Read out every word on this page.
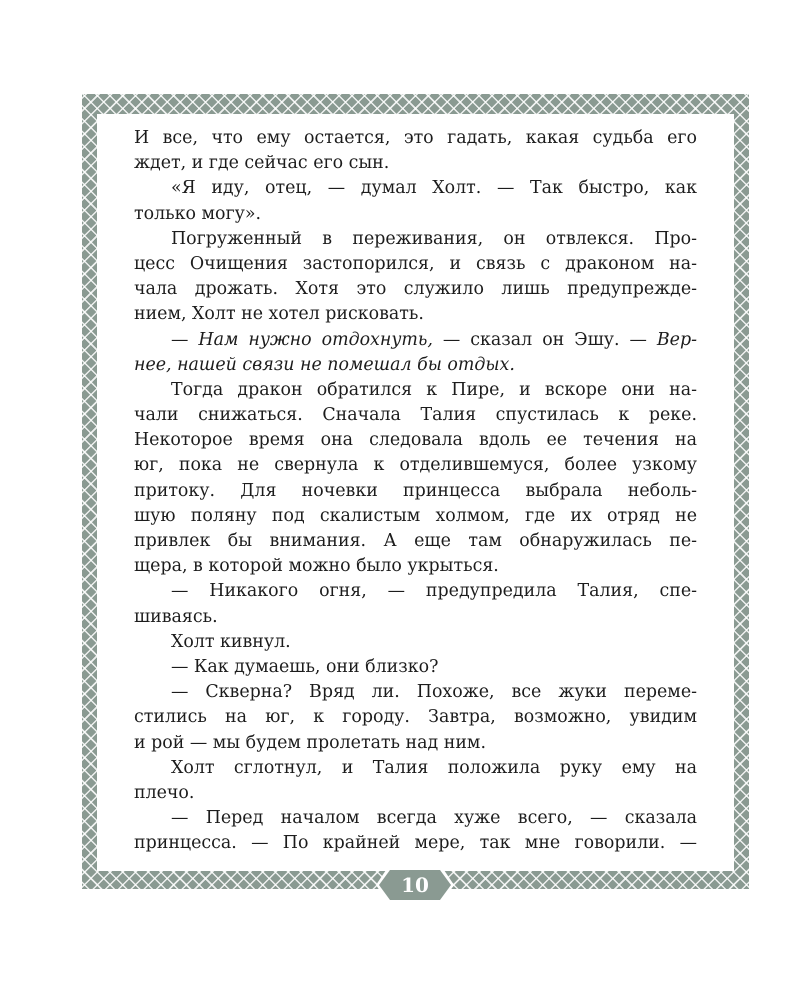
И все, что ему остается, это гадать, какая судьба его
ждет, и где сейчас его сын.
«Я иду, отец, — думал Холт. — Так быстро, как
только могу».
Погруженный в переживания, он отвлекся. Про-
цесс Очищения застопорился, и связь с драконом на-
чала дрожать. Хотя это служило лишь предупрежде-
нием, Холт не хотел рисковать.
— Нам нужно отдохнуть, — сказал он Эшу. — Вер-
нее, нашей связи не помешал бы отдых.
Тогда дракон обратился к Пире, и вскоре они на-
чали снижаться. Сначала Талия спустилась к реке.
Некоторое время она следовала вдоль ее течения на
юг, пока не свернула к отделившемуся, более узкому
притоку. Для ночевки принцесса выбрала неболь-
шую поляну под скалистым холмом, где их отряд не
привлек бы внимания. А еще там обнаружилась пе-
щера, в которой можно было укрыться.
— Никакого огня, — предупредила Талия, спе-
шиваясь.
Холт кивнул.
— Как думаешь, они близко?
— Скверна? Вряд ли. Похоже, все жуки переме-
стились на юг, к городу. Завтра, возможно, увидим
и рой — мы будем пролетать над ним.
Холт сглотнул, и Талия положила руку ему на
плечо.
— Перед началом всегда хуже всего, — сказала
принцесса. — По крайней мере, так мне говорили. —
10
